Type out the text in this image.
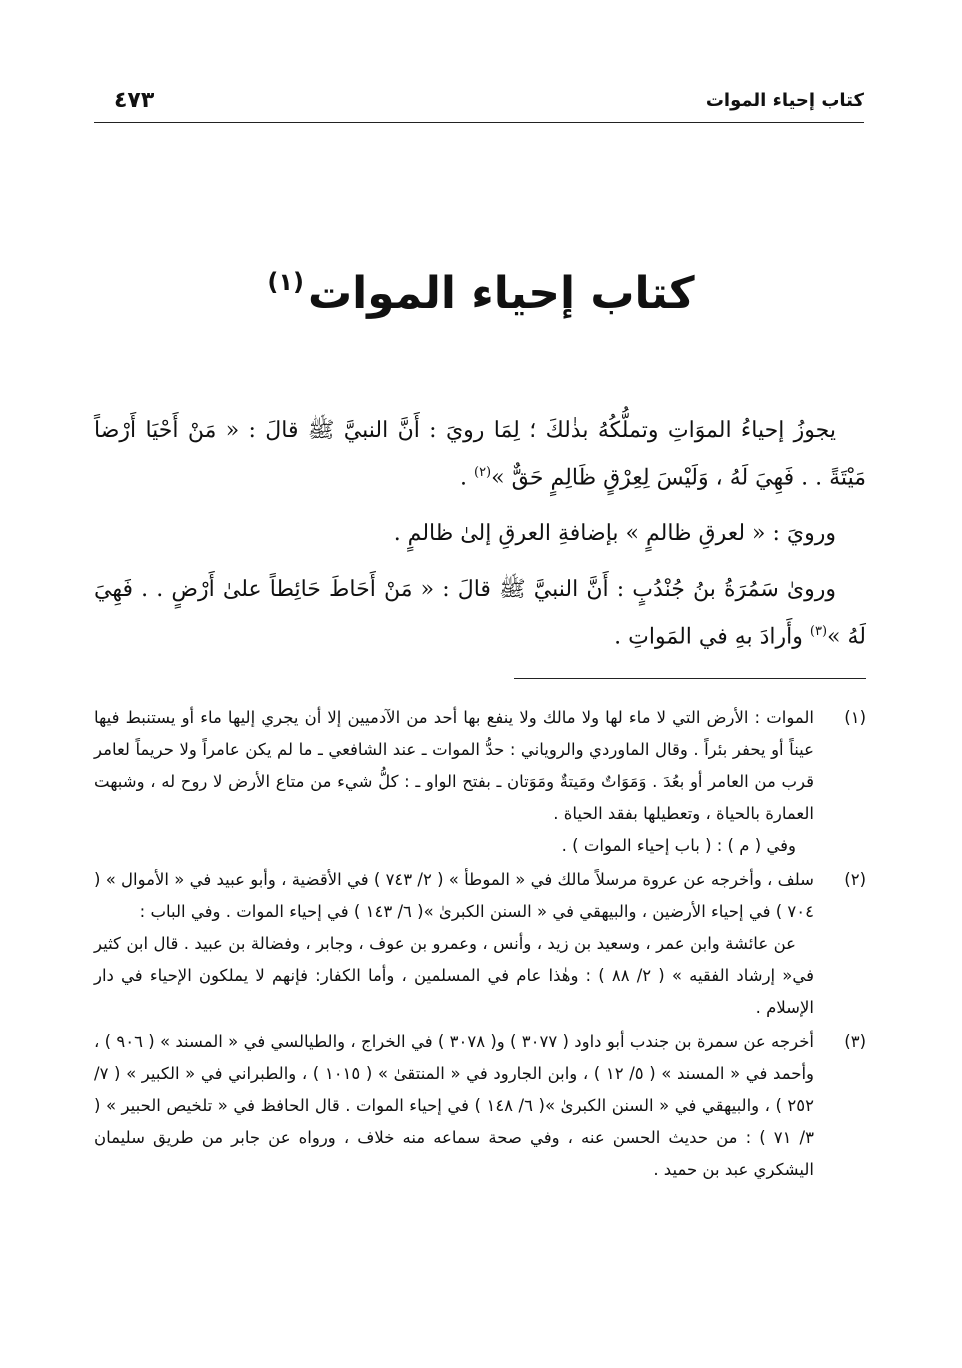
كتاب إحياء الموات
٤٧٣
كتاب إحياء الموات$^{(١)}$

يجوزُ إحياءُ الموَاتِ وتملُّكُهُ بذٰلكَ ؛ لِمَا رويَ : أَنَّ النبيَّ ﷺ قالَ : « مَنْ أَحْيَا أَرْضاً مَيْتَةً . . فَهِيَ لَهُ ، وَلَيْسَ لِعِرْقٍ ظَالِمٍ حَقٌّ »$^{(٢)}$ .

ورويَ : « لعرقِ ظالمٍ » بإضافةِ العرقِ إلىٰ ظالمٍ .

ورویٰ سَمُرَةُ بنُ جُنْدُبٍ : أَنَّ النبيَّ ﷺ قالَ : « مَنْ أَحَاطَ حَائِطاً علىٰ أَرْضٍ . . فَهِيَ لَهُ »$^{(٣)}$ وأَرادَ بهِ في المَواتِ .

(١)

الموات : الأرض التي لا ماء لها ولا مالك ولا ينفع بها أحد من الآدميين إلا أن يجري إليها ماء أو يستنبط فيها عيناً أو يحفر بئراً . وقال الماوردي والروياني : حدُّ الموات ـ عند الشافعي ـ ما لم يكن عامراً ولا حريماً لعامر قرب من العامر أو بعُدَ . وَمَوَاتٌ ومَيتةٌ ومَوَتان ـ بفتح الواو ـ : كلُّ شيء من متاع الأرض لا روح له ، وشبهت العمارة بالحياة ، وتعطيلها بفقد الحياة .

وفي ( م ) : ( باب إحياء الموات ) .

(٢)

سلف ، وأخرجه عن عروة مرسلاً مالك في « الموطأ » ( ٢/ ٧٤٣ ) في الأقضية ، وأبو عبيد في « الأموال » ( ٧٠٤ ) في إحياء الأرضين ، والبيهقي في « السنن الكبرىٰ »( ٦/ ١٤٣ ) في إحياء الموات . وفي الباب :

عن عائشة وابن عمر ، وسعيد بن زيد ، وأنس ، وعمرو بن عوف ، وجابر ، وفضالة بن عبيد . قال ابن كثير في« إرشاد الفقيه » ( ٢/ ٨٨ ) : وهٰذا عام في المسلمين ، وأما الكفار: فإنهم لا يملكون الإحياء في دار الإسلام .

(٣)

أخرجه عن سمرة بن جندب أبو داود ( ٣٠٧٧ ) و( ٣٠٧٨ ) في الخراج ، والطيالسي في « المسند » ( ٩٠٦ ) ، وأحمد في « المسند » ( ٥/ ١٢ ) ، وابن الجارود في « المنتقىٰ » ( ١٠١٥ ) ، والطبراني في « الكبير » ( ٧/ ٢٥٢ ) ، والبيهقي في « السنن الكبرىٰ »( ٦/ ١٤٨ ) في إحياء الموات . قال الحافظ في « تلخيص الحبير » ( ٣/ ٧١ ) : من حديث الحسن عنه ، وفي صحة سماعه منه خلاف ، ورواه عن جابر من طريق سليمان اليشكري عبد بن حميد .
